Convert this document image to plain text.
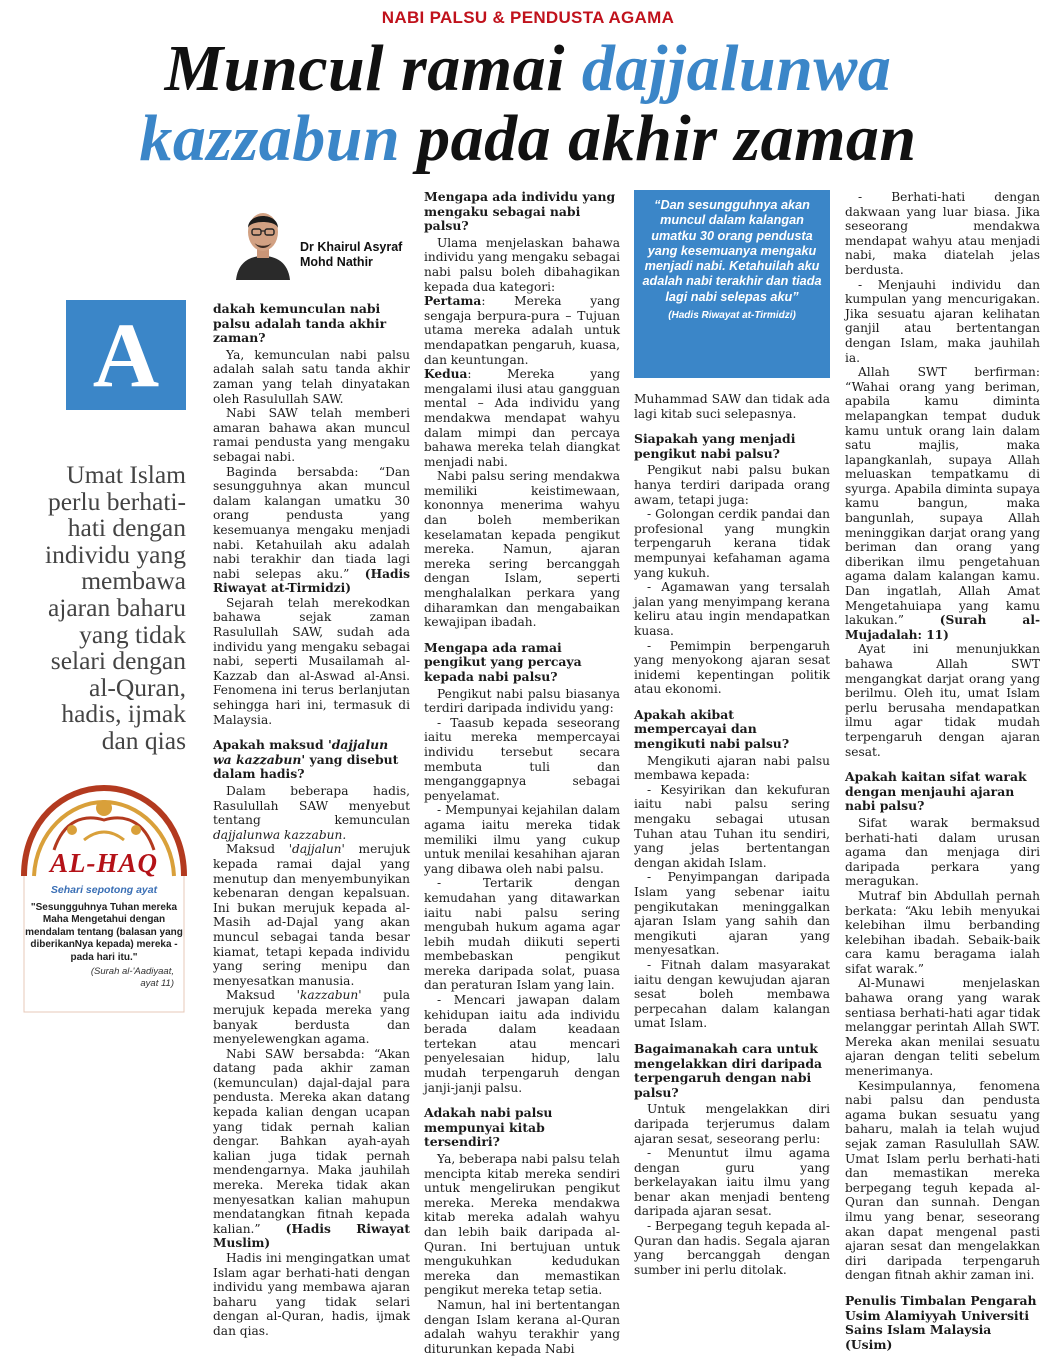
NABI PALSU & PENDUSTA AGAMA
Muncul ramai dajjalunwa
kazzabun pada akhir zaman
A
Dr Khairul Asyraf
Mohd Nathir
Umat Islam perlu berhati-hati dengan individu yang membawa ajaran baharu yang tidak selari dengan al-Quran, hadis, ijmak dan qias
AL-HAQ
Sehari sepotong ayat
"Sesungguhnya Tuhan mereka Maha Mengetahui dengan mendalam tentang (balasan yang diberikanNya kepada) mereka - pada hari itu."
(Surah al-'Aadiyaat,
ayat 11)
“Dan sesungguhnya akan muncul dalam kalangan umatku 30 orang pendusta yang kesemuanya mengaku menjadi nabi. Ketahuilah aku adalah nabi terakhir dan tiada lagi nabi selepas aku”
(Hadis Riwayat at-Tirmidzi)
dakah kemunculan nabi palsu adalah tanda akhir zaman?

Ya, kemunculan nabi palsu adalah salah satu tanda akhir zaman yang telah dinyatakan oleh Rasulullah SAW.

Nabi SAW telah memberi amaran bahawa akan muncul ramai pendusta yang mengaku sebagai nabi.

Baginda bersabda: “Dan sesungguhnya akan muncul dalam kalangan umatku 30 orang pendusta yang kesemuanya mengaku menjadi nabi. Ketahuilah aku adalah nabi terakhir dan tiada lagi nabi selepas aku.” (Hadis Riwayat at-Tirmidzi)

Sejarah telah merekodkan bahawa sejak zaman Rasulullah SAW, sudah ada individu yang mengaku sebagai nabi, seperti Musailamah al-Kazzab dan al-Aswad al-Ansi. Fenomena ini terus berlanjutan sehingga hari ini, termasuk di Malaysia.

Apakah maksud 'dajjalun wa kazzabun' yang disebut dalam hadis?

Dalam beberapa hadis, Rasulullah SAW menyebut tentang kemunculan dajjalunwa kazzabun.

Maksud 'dajjalun' merujuk kepada ramai dajal yang menutup dan menyembunyikan kebenaran dengan kepalsuan. Ini bukan merujuk kepada al-Masih ad-Dajal yang akan muncul sebagai tanda besar kiamat, tetapi kepada individu yang sering menipu dan menyesatkan manusia.

Maksud 'kazzabun' pula merujuk kepada mereka yang banyak berdusta dan menyelewengkan agama.

Nabi SAW bersabda: “Akan datang pada akhir zaman (kemunculan) dajal-dajal para pendusta. Mereka akan datang kepada kalian dengan ucapan yang tidak pernah kalian dengar. Bahkan ayah-ayah kalian juga tidak pernah mendengarnya. Maka jauhilah mereka. Mereka tidak akan menyesatkan kalian mahupun mendatangkan fitnah kepada kalian.” (Hadis Riwayat Muslim)

Hadis ini mengingatkan umat Islam agar berhati-hati dengan individu yang membawa ajaran baharu yang tidak selari dengan al-Quran, hadis, ijmak dan qias.

Mengapa ada individu yang mengaku sebagai nabi palsu?

Ulama menjelaskan bahawa individu yang mengaku sebagai nabi palsu boleh dibahagikan kepada dua kategori:

Pertama: Mereka yang sengaja berpura-pura – Tujuan utama mereka adalah untuk mendapatkan pengaruh, kuasa, dan keuntungan.

Kedua: Mereka yang mengalami ilusi atau gangguan mental – Ada individu yang mendakwa mendapat wahyu dalam mimpi dan percaya bahawa mereka telah diangkat menjadi nabi.

Nabi palsu sering mendakwa memiliki keistimewaan, kononnya menerima wahyu dan boleh memberikan keselamatan kepada pengikut mereka. Namun, ajaran mereka sering bercanggah dengan Islam, seperti menghalalkan perkara yang diharamkan dan mengabaikan kewajipan ibadah.

Mengapa ada ramai pengikut yang percaya kepada nabi palsu?

Pengikut nabi palsu biasanya terdiri daripada individu yang:

- Taasub kepada seseorang iaitu mereka mempercayai individu tersebut secara membuta tuli dan menganggapnya sebagai penyelamat.

- Mempunyai kejahilan dalam agama iaitu mereka tidak memiliki ilmu yang cukup untuk menilai kesahihan ajaran yang dibawa oleh nabi palsu.

- Tertarik dengan kemudahan yang ditawarkan iaitu nabi palsu sering mengubah hukum agama agar lebih mudah diikuti seperti membebaskan pengikut mereka daripada solat, puasa dan peraturan Islam yang lain.

- Mencari jawapan dalam kehidupan iaitu ada individu berada dalam keadaan tertekan atau mencari penyelesaian hidup, lalu mudah terpengaruh dengan janji-janji palsu.

Adakah nabi palsu mempunyai kitab tersendiri?

Ya, beberapa nabi palsu telah mencipta kitab mereka sendiri untuk mengelirukan pengikut mereka. Mereka mendakwa kitab mereka adalah wahyu dan lebih baik daripada al-Quran. Ini bertujuan untuk mengukuhkan kedudukan mereka dan memastikan pengikut mereka tetap setia.

Namun, hal ini bertentangan dengan Islam kerana al-Quran adalah wahyu terakhir yang diturunkan kepada Nabi

Muhammad SAW dan tidak ada lagi kitab suci selepasnya.

Siapakah yang menjadi pengikut nabi palsu?

Pengikut nabi palsu bukan hanya terdiri daripada orang awam, tetapi juga:

- Golongan cerdik pandai dan profesional yang mungkin terpengaruh kerana tidak mempunyai kefahaman agama yang kukuh.

- Agamawan yang tersalah jalan yang menyimpang kerana keliru atau ingin mendapatkan kuasa.

- Pemimpin berpengaruh yang menyokong ajaran sesat inidemi kepentingan politik atau ekonomi.

Apakah akibat mempercayai dan mengikuti nabi palsu?

Mengikuti ajaran nabi palsu membawa kepada:

- Kesyirikan dan kekufuran iaitu nabi palsu sering mengaku sebagai utusan Tuhan atau Tuhan itu sendiri, yang jelas bertentangan dengan akidah Islam.

- Penyimpangan daripada Islam yang sebenar iaitu pengikutakan meninggalkan ajaran Islam yang sahih dan mengikuti ajaran yang menyesatkan.

- Fitnah dalam masyarakat iaitu dengan kewujudan ajaran sesat boleh membawa perpecahan dalam kalangan umat Islam.

Bagaimanakah cara untuk mengelakkan diri daripada terpengaruh dengan nabi palsu?

Untuk mengelakkan diri daripada terjerumus dalam ajaran sesat, seseorang perlu:

- Menuntut ilmu agama dengan guru yang berkelayakan iaitu ilmu yang benar akan menjadi benteng daripada ajaran sesat.

- Berpegang teguh kepada al-Quran dan hadis. Segala ajaran yang bercanggah dengan sumber ini perlu ditolak.

- Berhati-hati dengan dakwaan yang luar biasa. Jika seseorang mendakwa mendapat wahyu atau menjadi nabi, maka diatelah jelas berdusta.

- Menjauhi individu dan kumpulan yang mencurigakan. Jika sesuatu ajaran kelihatan ganjil atau bertentangan dengan Islam, maka jauhilah ia.

Allah SWT berfirman: “Wahai orang yang beriman, apabila kamu diminta melapangkan tempat duduk kamu untuk orang lain dalam satu majlis, maka lapangkanlah, supaya Allah meluaskan tempatkamu di syurga. Apabila diminta supaya kamu bangun, maka bangunlah, supaya Allah meninggikan darjat orang yang beriman dan orang yang diberikan ilmu pengetahuan agama dalam kalangan kamu. Dan ingatlah, Allah Amat Mengetahuiapa yang kamu lakukan.”	(Surah al-Mujadalah: 11)

Ayat ini menunjukkan bahawa Allah SWT mengangkat darjat orang yang berilmu. Oleh itu, umat Islam perlu berusaha mendapatkan ilmu agar tidak mudah terpengaruh dengan ajaran sesat.

Apakah kaitan sifat warak dengan menjauhi ajaran nabi palsu?

Sifat warak bermaksud berhati-hati dalam urusan agama dan menjaga diri daripada perkara yang meragukan.

Mutraf bin Abdullah pernah berkata: “Aku lebih menyukai kelebihan ilmu berbanding kelebihan ibadah. Sebaik-baik cara kamu beragama ialah sifat warak.”

Al-Munawi menjelaskan bahawa orang yang warak sentiasa berhati-hati agar tidak melanggar perintah Allah SWT. Mereka akan menilai sesuatu ajaran dengan teliti sebelum menerimanya.

Kesimpulannya, fenomena nabi palsu dan pendusta agama bukan sesuatu yang baharu, malah ia telah wujud sejak zaman Rasulullah SAW. Umat Islam perlu berhati-hati dan memastikan mereka berpegang teguh kepada al-Quran dan sunnah. Dengan ilmu yang benar, seseorang akan dapat mengenal pasti ajaran sesat dan mengelakkan diri daripada terpengaruh dengan fitnah akhir zaman ini.

Penulis Timbalan Pengarah Usim Alamiyyah Universiti Sains Islam Malaysia (Usim)
